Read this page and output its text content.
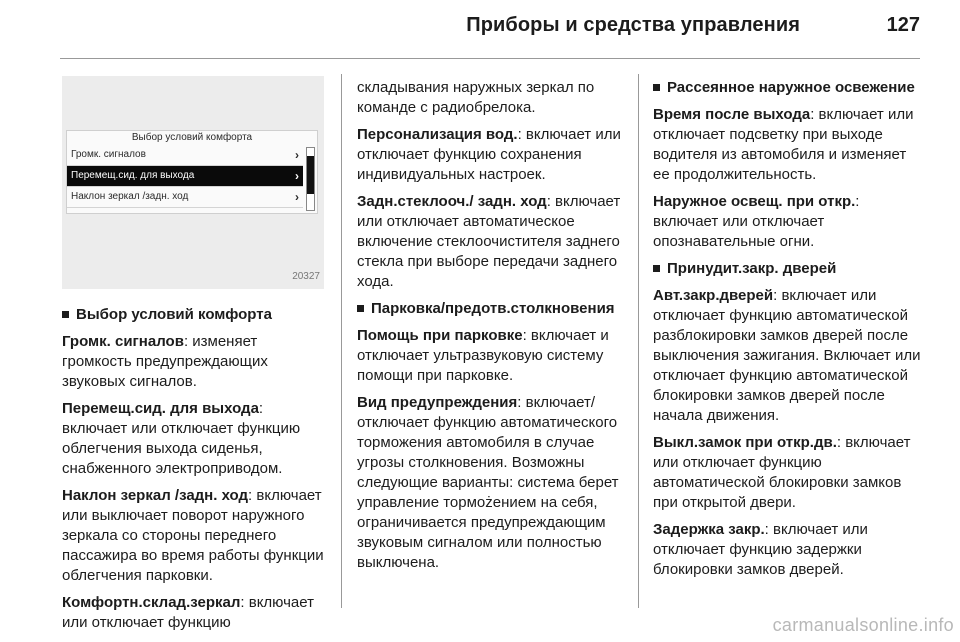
Приборы и средства управления	127
Выбор условий комфорта
Громк. сигналов	›
Перемещ.сид. для выхода	›
Наклон зеркал /задн. ход	›
20327

Выбор условий комфорта

Громк. сигналов: изменяет громкость предупреждающих звуковых сигналов.

Перемещ.сид. для выхода: включает или отключает функцию облегчения выхода сиденья, снабженного электроприводом.

Наклон зеркал /задн. ход: включает или выключает поворот наружного зеркала со стороны переднего пассажира во время работы функции облегчения парковки.

Комфортн.склад.зеркал: включает или отключает функцию

складывания наружных зеркал по команде с радиобрелока.

Персонализация вод.: включает или отключает функцию сохранения индивидуальных настроек.

Задн.стеклооч./ задн. ход: включает или отключает автоматическое включение стеклоочистителя заднего стекла при выборе передачи заднего хода.

Парковка/предотв.столкновения

Помощь при парковке: включает и отключает ультразвуковую систему помощи при парковке.

Вид предупреждения: включает/отключает функцию автоматического торможения автомобиля в случае угрозы столкновения. Возможны следующие варианты: система берет управление тормożением на себя, ограничивается предупреждающим звуковым сигналом или полностью выключена.

Рассеянное наружное освежение

Время после выхода: включает или отключает подсветку при выходе водителя из автомобиля и изменяет ее продолжительность.

Наружное освещ. при откр.: включает или отключает опознавательные огни.

Принудит.закр. дверей

Авт.закр.дверей: включает или отключает функцию автоматической разблокировки замков дверей после выключения зажигания. Включает или отключает функцию автоматической блокировки замков дверей после начала движения.

Выкл.замок при откр.дв.: включает или отключает функцию автоматической блокировки замков при открытой двери.

Задержка закр.: включает или отключает функцию задержки блокировки замков дверей.

carmanualsonline.info
